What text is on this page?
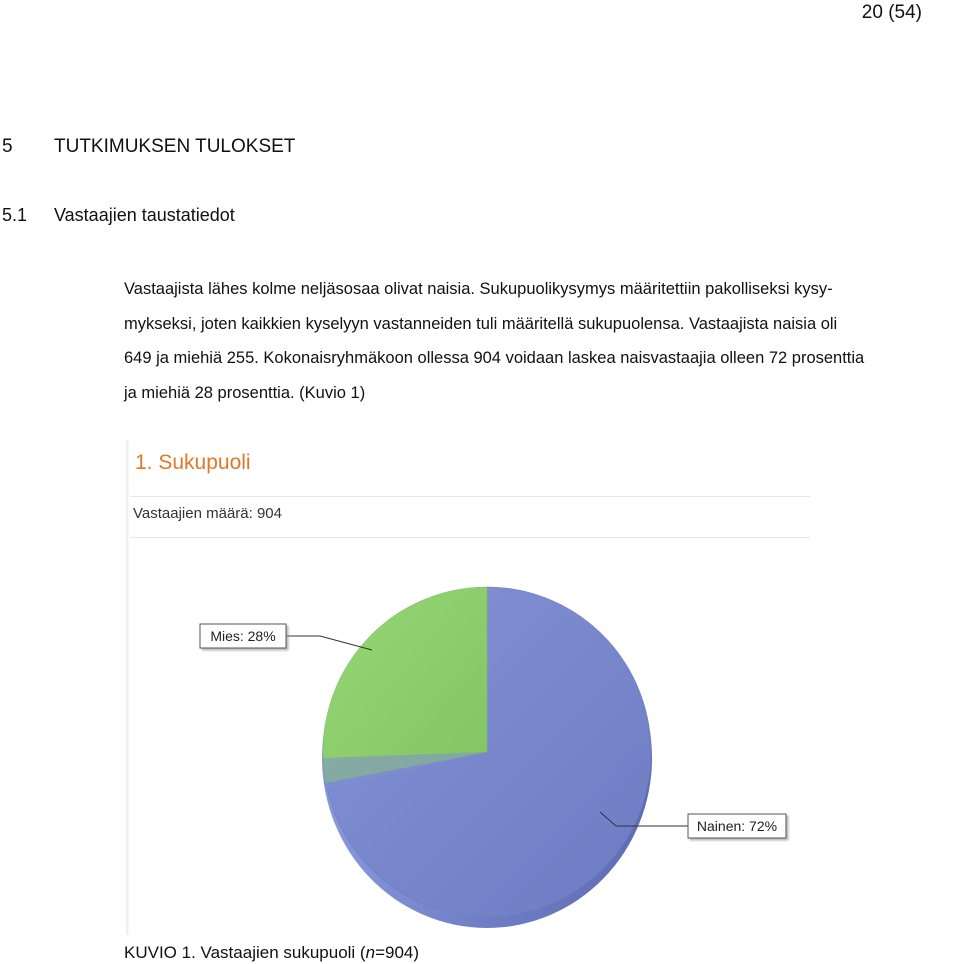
20 (54)
5 TUTKIMUKSEN TULOKSET
5.1 Vastaajien taustatiedot
Vastaajista lähes kolme neljäsosaa olivat naisia. Sukupuolikysymys määritettiin pakolliseksi kysy-
mykseksi, joten kaikkien kyselyyn vastanneiden tuli määritellä sukupuolensa. Vastaajista naisia oli
649 ja miehiä 255. Kokonaisryhmäkoon ollessa 904 voidaan laskea naisvastaajia olleen 72 prosenttia
ja miehiä 28 prosenttia. (Kuvio 1)
1. Sukupuoli
Vastaajien määrä: 904
Nainen: 72%
Mies: 28%
KUVIO 1. Vastaajien sukupuoli (n=904)
